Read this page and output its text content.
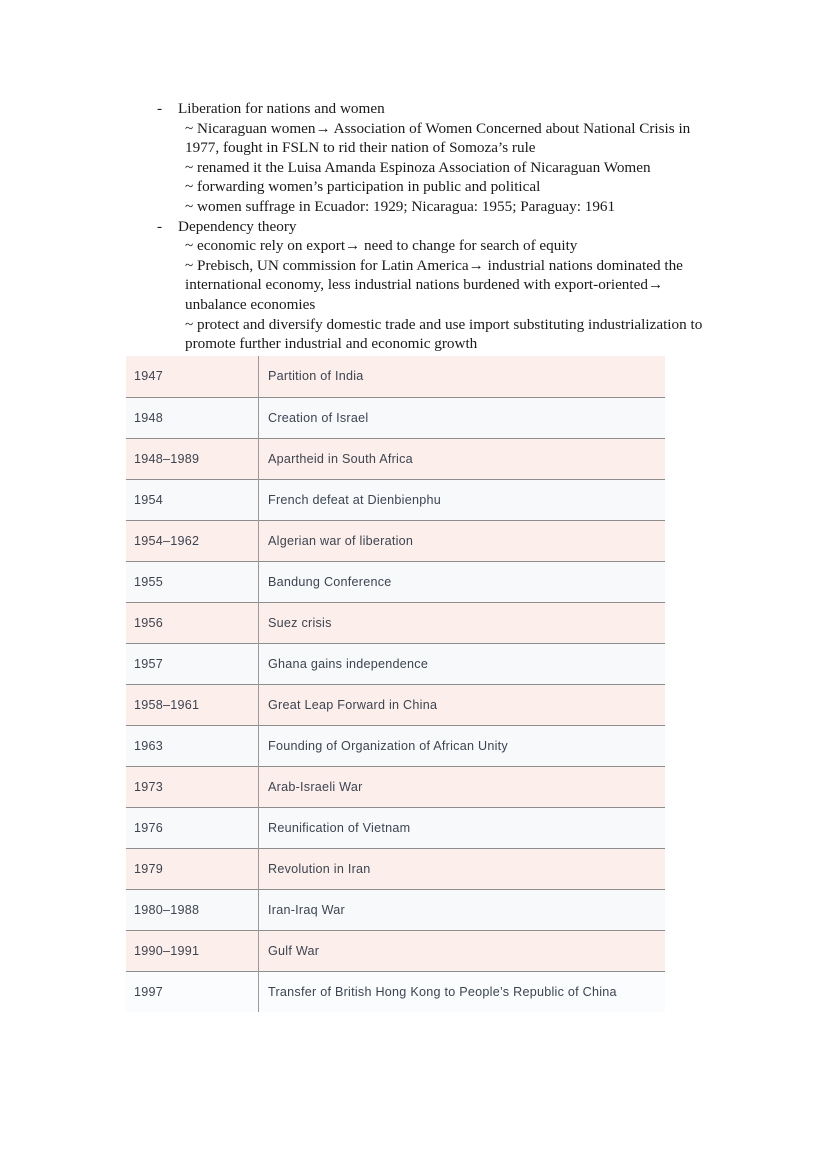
-	Liberation for nations and women
~ Nicaraguan women→ Association of Women Concerned about National Crisis in 1977, fought in FSLN to rid their nation of Somoza’s rule
~ renamed it the Luisa Amanda Espinoza Association of Nicaraguan Women
~ forwarding women’s participation in public and political
~ women suffrage in Ecuador: 1929; Nicaragua: 1955; Paraguay: 1961
-	Dependency theory
~ economic rely on export→ need to change for search of equity
~ Prebisch, UN commission for Latin America→ industrial nations dominated the international economy, less industrial nations burdened with export-oriented→ unbalance economies
~ protect and diversify domestic trade and use import substituting industrialization to promote further industrial and economic growth
1947	Partition of India
1948	Creation of Israel
1948–1989	Apartheid in South Africa
1954	French defeat at Dienbienphu
1954–1962	Algerian war of liberation
1955	Bandung Conference
1956	Suez crisis
1957	Ghana gains independence
1958–1961	Great Leap Forward in China
1963	Founding of Organization of African Unity
1973	Arab-Israeli War
1976	Reunification of Vietnam
1979	Revolution in Iran
1980–1988	Iran-Iraq War
1990–1991	Gulf War
1997	Transfer of British Hong Kong to People’s Republic of China
